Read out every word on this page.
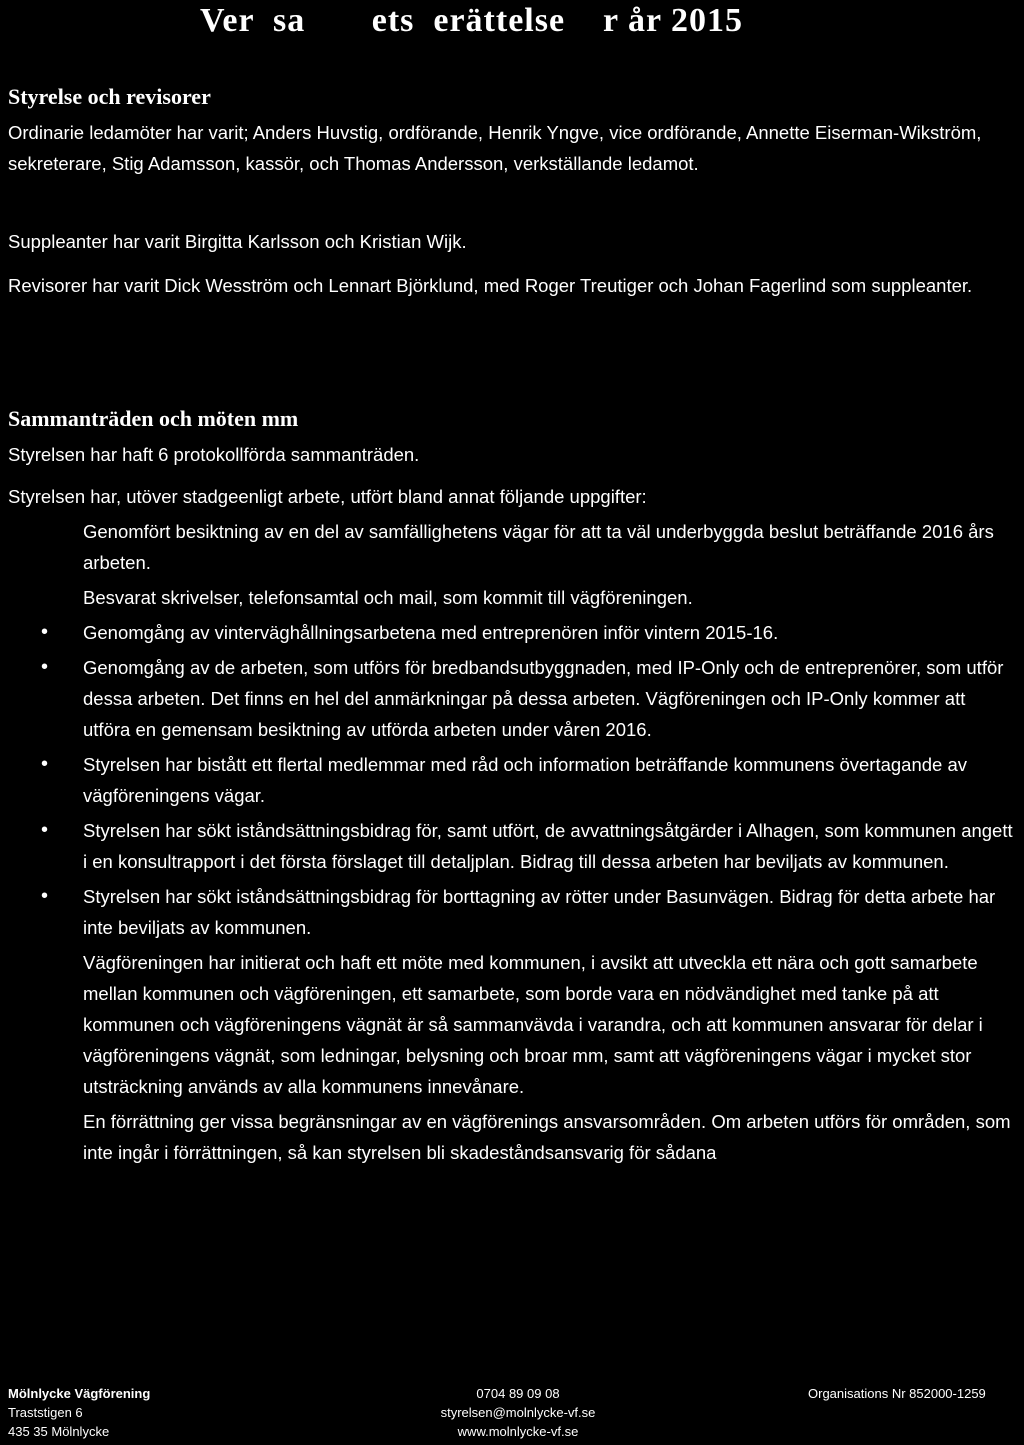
Ver  sa       ets  erättelse    r år 2015
Styrelse och revisorer
Ordinarie ledamöter har varit; Anders Huvstig, ordförande, Henrik Yngve, vice ordförande, Annette Eiserman-Wikström, sekreterare, Stig Adamsson, kassör, och Thomas Andersson, verkställande ledamot.
Suppleanter har varit Birgitta Karlsson och Kristian Wijk.
Revisorer har varit Dick Wesström och Lennart Björklund, med Roger Treutiger och Johan Fagerlind som suppleanter.
Sammanträden och möten mm
Styrelsen har haft 6 protokollförda sammanträden.
Styrelsen har, utöver stadgeenligt arbete, utfört bland annat följande uppgifter:
Genomfört besiktning av en del av samfällighetens vägar för att ta väl underbyggda beslut beträffande 2016 års arbeten.
Besvarat skrivelser, telefonsamtal och mail, som kommit till vägföreningen.
• Genomgång av vinterväghållningsarbetena med entreprenören inför vintern 2015-16.
• Genomgång av de arbeten, som utförs för bredbandsutbyggnaden, med IP-Only och de entreprenörer, som utför dessa arbeten. Det finns en hel del anmärkningar på dessa arbeten. Vägföreningen och IP-Only kommer att utföra en gemensam besiktning av utförda arbeten under våren 2016.
• Styrelsen har bistått ett flertal medlemmar med råd och information beträffande kommunens övertagande av vägföreningens vägar.
• Styrelsen har sökt iståndsättningsbidrag för, samt utfört, de avvattningsåtgärder i Alhagen, som kommunen angett i en konsultrapport i det första förslaget till detaljplan. Bidrag till dessa arbeten har beviljats av kommunen.
• Styrelsen har sökt iståndsättningsbidrag för borttagning av rötter under Basunvägen. Bidrag för detta arbete har inte beviljats av kommunen.
Vägföreningen har initierat och haft ett möte med kommunen, i avsikt att utveckla ett nära och gott samarbete mellan kommunen och vägföreningen, ett samarbete, som borde vara en nödvändighet med tanke på att kommunen och vägföreningens vägnät är så sammanvävda i varandra, och att kommunen ansvarar för delar i vägföreningens vägnät, som ledningar, belysning och broar mm, samt att vägföreningens vägar i mycket stor utsträckning används av alla kommunens innevånare.
En förrättning ger vissa begränsningar av en vägförenings ansvarsområden. Om arbeten utförs för områden, som inte ingår i förrättningen, så kan styrelsen bli skadeståndsansvarig för sådana
Mölnlycke Vägförening
Traststigen 6
435 35 Mölnlycke
0704 89 09 08
styrelsen@molnlycke-vf.se
www.molnlycke-vf.se
Organisations Nr 852000-1259
